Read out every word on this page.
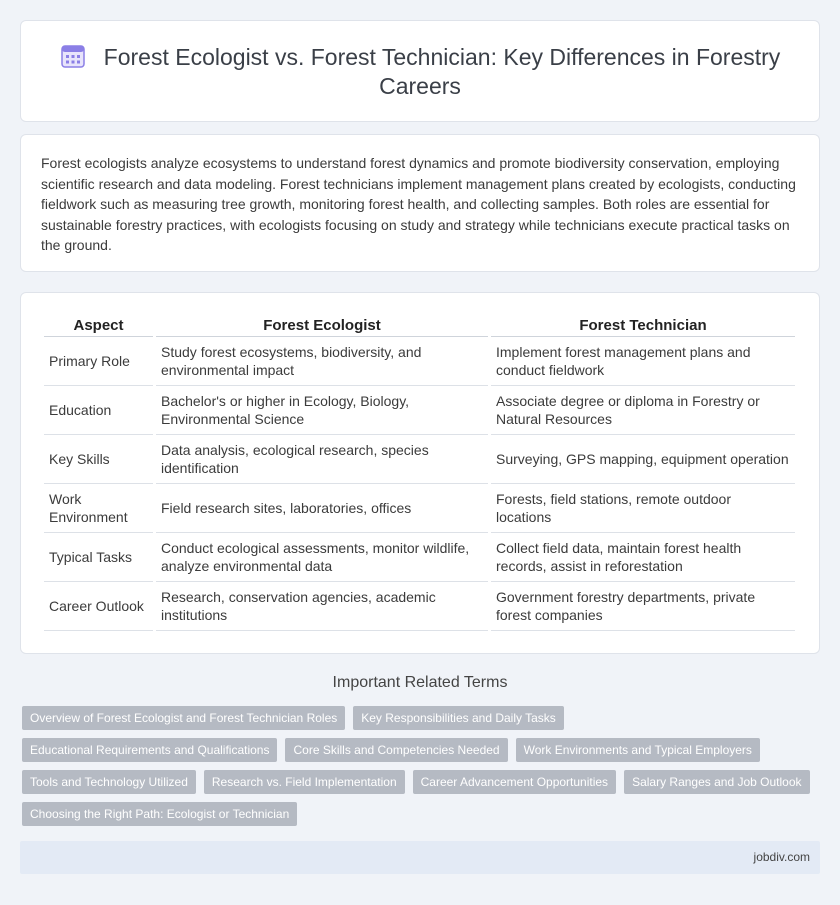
Forest Ecologist vs. Forest Technician: Key Differences in Forestry Careers

Forest ecologists analyze ecosystems to understand forest dynamics and promote biodiversity conservation, employing scientific research and data modeling. Forest technicians implement management plans created by ecologists, conducting fieldwork such as measuring tree growth, monitoring forest health, and collecting samples. Both roles are essential for sustainable forestry practices, with ecologists focusing on study and strategy while technicians execute practical tasks on the ground.

Aspect	Forest Ecologist	Forest Technician
Primary Role	Study forest ecosystems, biodiversity, and environmental impact	Implement forest management plans and conduct fieldwork
Education	Bachelor's or higher in Ecology, Biology, Environmental Science	Associate degree or diploma in Forestry or Natural Resources
Key Skills	Data analysis, ecological research, species identification	Surveying, GPS mapping, equipment operation
Work Environment	Field research sites, laboratories, offices	Forests, field stations, remote outdoor locations
Typical Tasks	Conduct ecological assessments, monitor wildlife, analyze environmental data	Collect field data, maintain forest health records, assist in reforestation
Career Outlook	Research, conservation agencies, academic institutions	Government forestry departments, private forest companies
Important Related Terms
Overview of Forest Ecologist and Forest Technician Roles	Key Responsibilities and Daily Tasks
Educational Requirements and Qualifications	Core Skills and Competencies Needed	Work Environments and Typical Employers
Tools and Technology Utilized	Research vs. Field Implementation	Career Advancement Opportunities	Salary Ranges and Job Outlook
Choosing the Right Path: Ecologist or Technician
jobdiv.com
